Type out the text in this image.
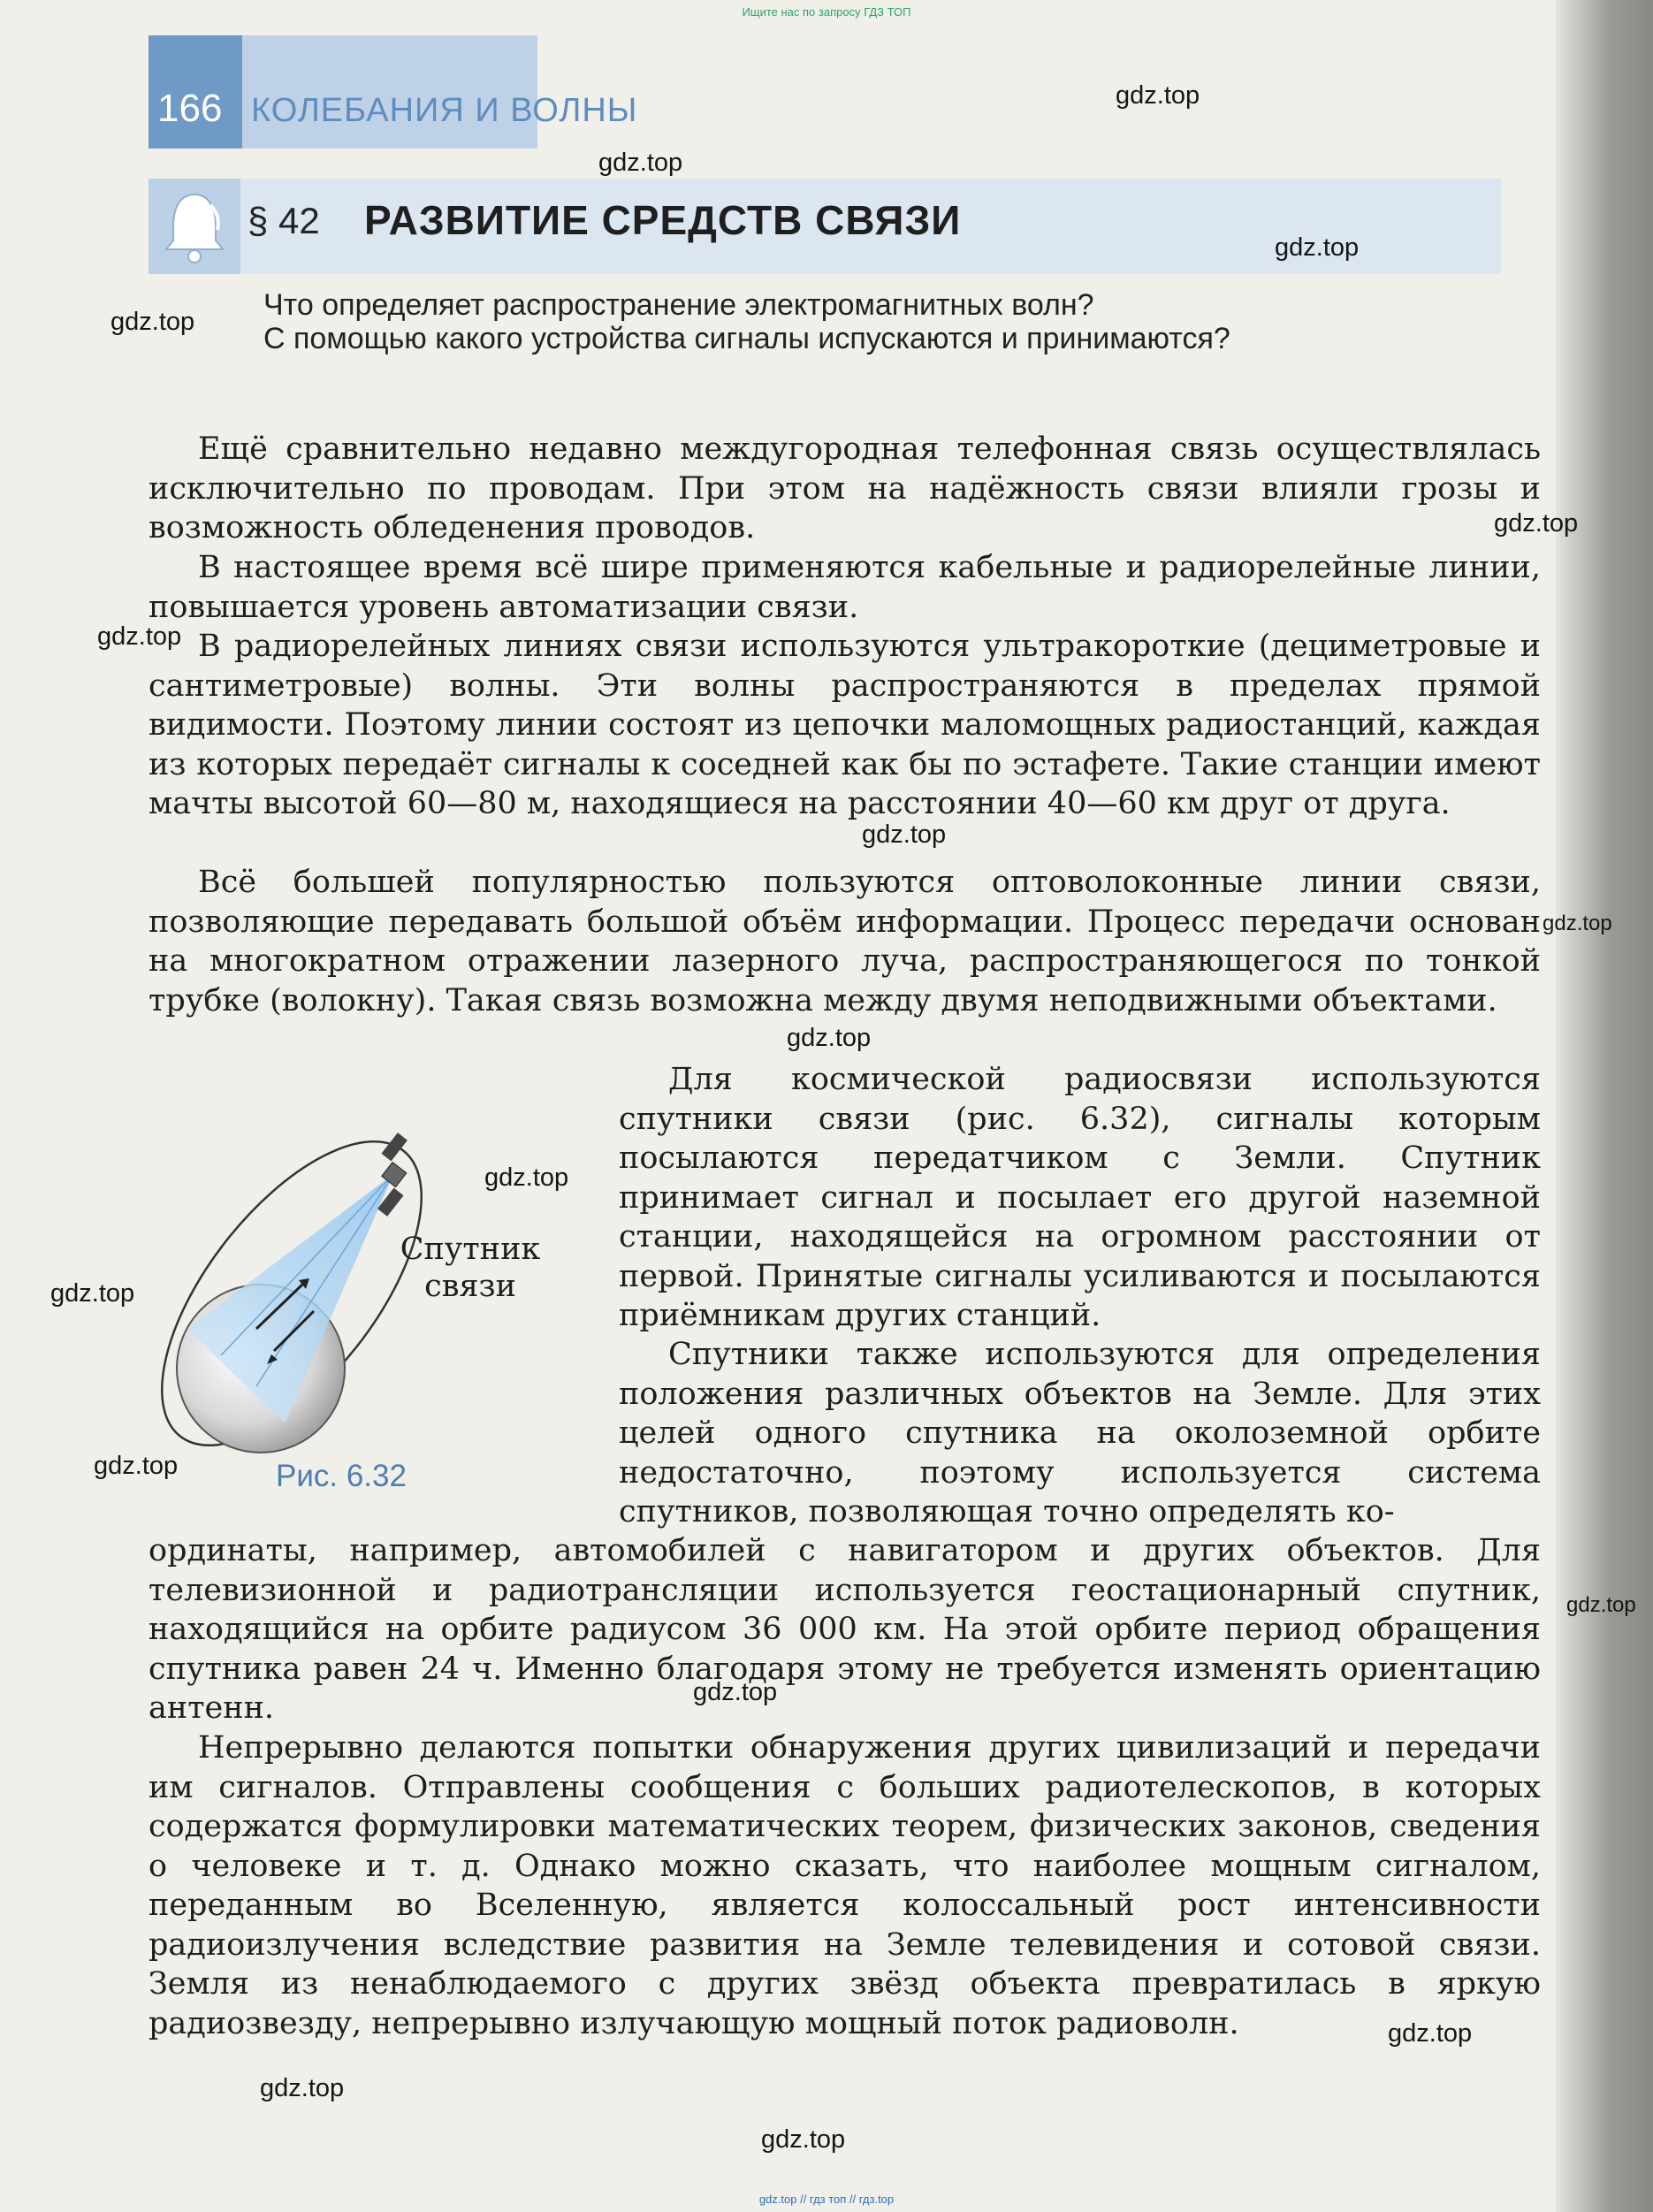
Ищите нас по запросу ГДЗ ТОП
166 КОЛЕБАНИЯ И ВОЛНЫ
§ 42 РАЗВИТИЕ СРЕДСТВ СВЯЗИ
Что определяет распространение электромагнитных волн?
С помощью какого устройства сигналы испускаются и принимаются?

Ещё сравнительно недавно междугородная телефонная связь осуществлялась исключительно по проводам. При этом на надёжность связи влияли грозы и возможность обледенения проводов.

В настоящее время всё шире применяются кабельные и радиорелейные линии, повышается уровень автоматизации связи.

В радиорелейных линиях связи используются ультракороткие (дециметровые и сантиметровые) волны. Эти волны распространяются в пределах прямой видимости. Поэтому линии состоят из цепочки маломощных радиостанций, каждая из которых передаёт сигналы к соседней как бы по эстафете. Такие станции имеют мачты высотой 60—80 м, находящиеся на расстоянии 40—60 км друг от друга.

Всё большей популярностью пользуются оптоволоконные линии связи, позволяющие передавать большой объём информации. Процесс передачи основан на многократном отражении лазерного луча, распространяющегося по тонкой трубке (волокну). Такая связь возможна между двумя неподвижными объектами.

Для космической радиосвязи используются спутники связи (рис. 6.32), сигналы которым посылаются передатчиком с Земли. Спутник принимает сигнал и посылает его другой наземной станции, находящейся на огромном расстоянии от первой. Принятые сигналы усиливаются и посылаются приёмникам других станций.

Спутники также используются для определения положения различных объектов на Земле. Для этих целей одного спутника на околоземной орбите недостаточно, поэтому используется система спутников, позволяющая точно определять ко-

ординаты, например, автомобилей с навигатором и других объектов. Для телевизионной и радиотрансляции используется геостационарный спутник, находящийся на орбите радиусом 36 000 км. На этой орбите период обращения спутника равен 24 ч. Именно благодаря этому не требуется изменять ориентацию антенн.

Непрерывно делаются попытки обнаружения других цивилизаций и передачи им сигналов. Отправлены сообщения с больших радиотелескопов, в которых содержатся формулировки математических теорем, физических законов, сведения о человеке и т. д. Однако можно сказать, что наиболее мощным сигналом, переданным во Вселенную, является колоссальный рост интенсивности радиоизлучения вследствие развития на Земле телевидения и сотовой связи. Земля из ненаблюдаемого с других звёзд объекта превратилась в яркую радиозвезду, непрерывно излучающую мощный поток радиоволн.

Спутник
связи
Рис. 6.32
gdz.top
gdz.top
gdz.top
gdz.top
gdz.top
gdz.top
gdz.top
gdz.top
gdz.top
gdz.top
gdz.top
gdz.top
gdz.top
gdz.top
gdz.top
gdz.top
gdz.top
gdz.top // гдз топ // гдз.top
